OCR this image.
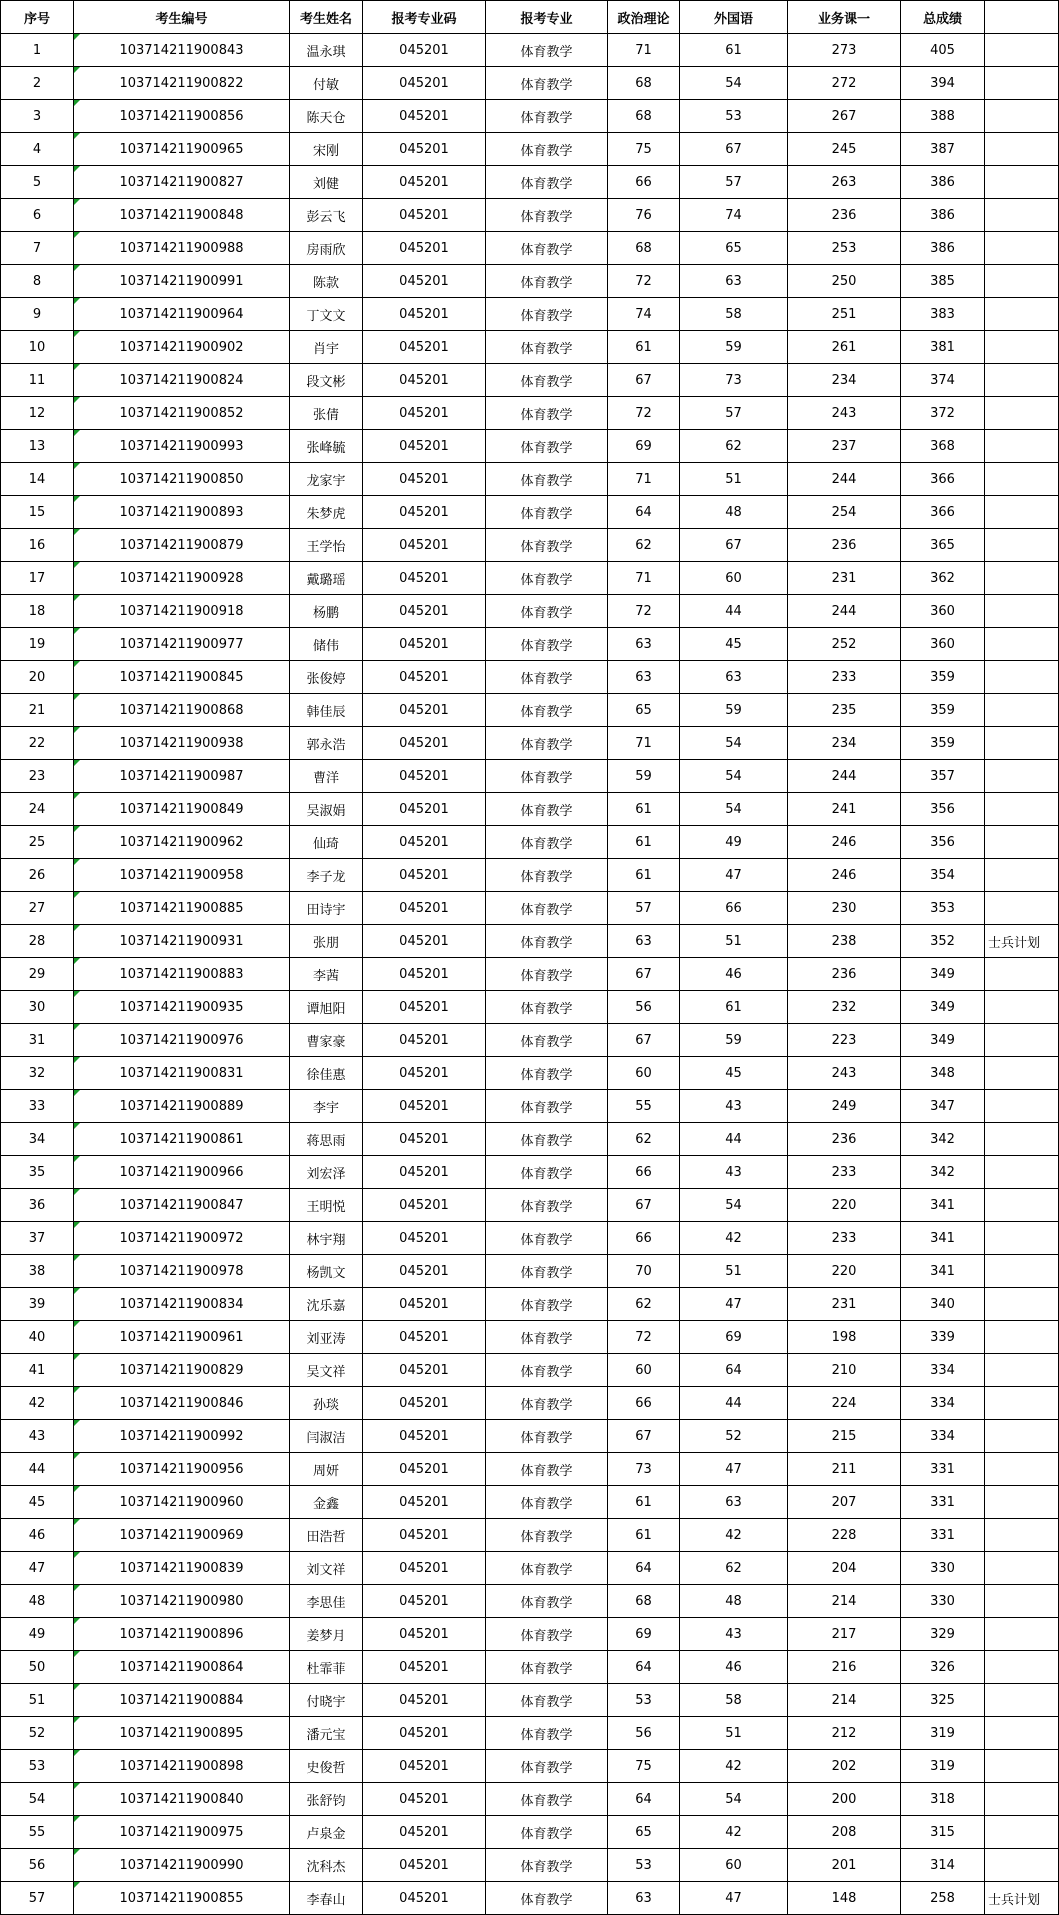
序号	考生编号	考生姓名	报考专业码	报考专业	政治理论	外国语	业务课一	总成绩	
1	103714211900843	温永琪	045201	体育教学	71	61	273	405	
2	103714211900822	付敏	045201	体育教学	68	54	272	394	
3	103714211900856	陈天仓	045201	体育教学	68	53	267	388	
4	103714211900965	宋刚	045201	体育教学	75	67	245	387	
5	103714211900827	刘健	045201	体育教学	66	57	263	386	
6	103714211900848	彭云飞	045201	体育教学	76	74	236	386	
7	103714211900988	房雨欣	045201	体育教学	68	65	253	386	
8	103714211900991	陈款	045201	体育教学	72	63	250	385	
9	103714211900964	丁文文	045201	体育教学	74	58	251	383	
10	103714211900902	肖宇	045201	体育教学	61	59	261	381	
11	103714211900824	段文彬	045201	体育教学	67	73	234	374	
12	103714211900852	张倩	045201	体育教学	72	57	243	372	
13	103714211900993	张峰毓	045201	体育教学	69	62	237	368	
14	103714211900850	龙家宇	045201	体育教学	71	51	244	366	
15	103714211900893	朱梦虎	045201	体育教学	64	48	254	366	
16	103714211900879	王学怡	045201	体育教学	62	67	236	365	
17	103714211900928	戴璐瑶	045201	体育教学	71	60	231	362	
18	103714211900918	杨鹏	045201	体育教学	72	44	244	360	
19	103714211900977	储伟	045201	体育教学	63	45	252	360	
20	103714211900845	张俊婷	045201	体育教学	63	63	233	359	
21	103714211900868	韩佳辰	045201	体育教学	65	59	235	359	
22	103714211900938	郭永浩	045201	体育教学	71	54	234	359	
23	103714211900987	曹洋	045201	体育教学	59	54	244	357	
24	103714211900849	吴淑娟	045201	体育教学	61	54	241	356	
25	103714211900962	仙琦	045201	体育教学	61	49	246	356	
26	103714211900958	李子龙	045201	体育教学	61	47	246	354	
27	103714211900885	田诗宇	045201	体育教学	57	66	230	353	
28	103714211900931	张朋	045201	体育教学	63	51	238	352	士兵计划
29	103714211900883	李茜	045201	体育教学	67	46	236	349	
30	103714211900935	谭旭阳	045201	体育教学	56	61	232	349	
31	103714211900976	曹家豪	045201	体育教学	67	59	223	349	
32	103714211900831	徐佳惠	045201	体育教学	60	45	243	348	
33	103714211900889	李宇	045201	体育教学	55	43	249	347	
34	103714211900861	蒋思雨	045201	体育教学	62	44	236	342	
35	103714211900966	刘宏泽	045201	体育教学	66	43	233	342	
36	103714211900847	王明悦	045201	体育教学	67	54	220	341	
37	103714211900972	林宇翔	045201	体育教学	66	42	233	341	
38	103714211900978	杨凯文	045201	体育教学	70	51	220	341	
39	103714211900834	沈乐嘉	045201	体育教学	62	47	231	340	
40	103714211900961	刘亚涛	045201	体育教学	72	69	198	339	
41	103714211900829	吴文祥	045201	体育教学	60	64	210	334	
42	103714211900846	孙琰	045201	体育教学	66	44	224	334	
43	103714211900992	闫淑洁	045201	体育教学	67	52	215	334	
44	103714211900956	周妍	045201	体育教学	73	47	211	331	
45	103714211900960	金鑫	045201	体育教学	61	63	207	331	
46	103714211900969	田浩哲	045201	体育教学	61	42	228	331	
47	103714211900839	刘文祥	045201	体育教学	64	62	204	330	
48	103714211900980	李思佳	045201	体育教学	68	48	214	330	
49	103714211900896	姜梦月	045201	体育教学	69	43	217	329	
50	103714211900864	杜霏菲	045201	体育教学	64	46	216	326	
51	103714211900884	付晓宇	045201	体育教学	53	58	214	325	
52	103714211900895	潘元宝	045201	体育教学	56	51	212	319	
53	103714211900898	史俊哲	045201	体育教学	75	42	202	319	
54	103714211900840	张舒钧	045201	体育教学	64	54	200	318	
55	103714211900975	卢泉金	045201	体育教学	65	42	208	315	
56	103714211900990	沈科杰	045201	体育教学	53	60	201	314	
57	103714211900855	李春山	045201	体育教学	63	47	148	258	士兵计划
